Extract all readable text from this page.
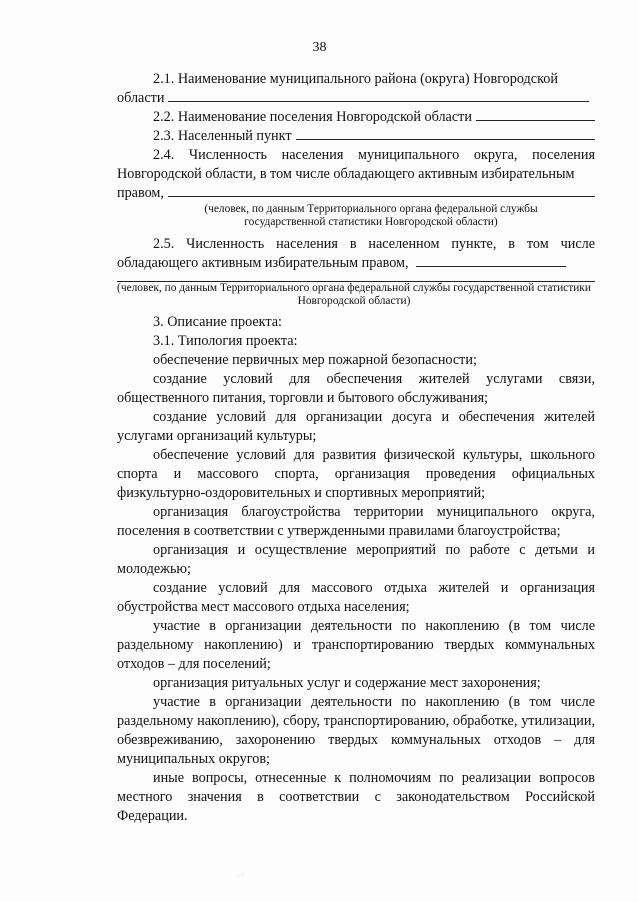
38

2.1. Наименование муниципального района (округа) Новгородской

области
2.2. Наименование поселения Новгородской области
2.3. Населенный пункт

2.4. Численность населения муниципального округа, поселения Новгородской области, в том числе обладающего активным избирательным

правом,

(человек, по данным Территориального органа федеральной службы государственной статистики Новгородской области)

2.5. Численность населения в населенном пункте, в том числе обладающего активным избирательным правом,

(человек, по данным Территориального органа федеральной службы государственной статистики Новгородской области)

3. Описание проекта:

3.1. Типология проекта:

обеспечение первичных мер пожарной безопасности;

создание условий для обеспечения жителей услугами связи, общественного питания, торговли и бытового обслуживания;

создание условий для организации досуга и обеспечения жителей услугами организаций культуры;

обеспечение условий для развития физической культуры, школьного спорта и массового спорта, организация проведения официальных физкультурно-оздоровительных и спортивных мероприятий;

организация благоустройства территории муниципального округа, поселения в соответствии с утвержденными правилами благоустройства;

организация и осуществление мероприятий по работе с детьми и молодежью;

создание условий для массового отдыха жителей и организация обустройства мест массового отдыха населения;

участие в организации деятельности по накоплению (в том числе раздельному накоплению) и транспортированию твердых коммунальных отходов – для поселений;

организация ритуальных услуг и содержание мест захоронения;

участие в организации деятельности по накоплению (в том числе раздельному накоплению), сбору, транспортированию, обработке, утилизации, обезвреживанию, захоронению твердых коммунальных отходов – для муниципальных округов;

иные вопросы, отнесенные к полномочиям по реализации вопросов местного значения в соответствии с законодательством Российской Федерации.

. .·
